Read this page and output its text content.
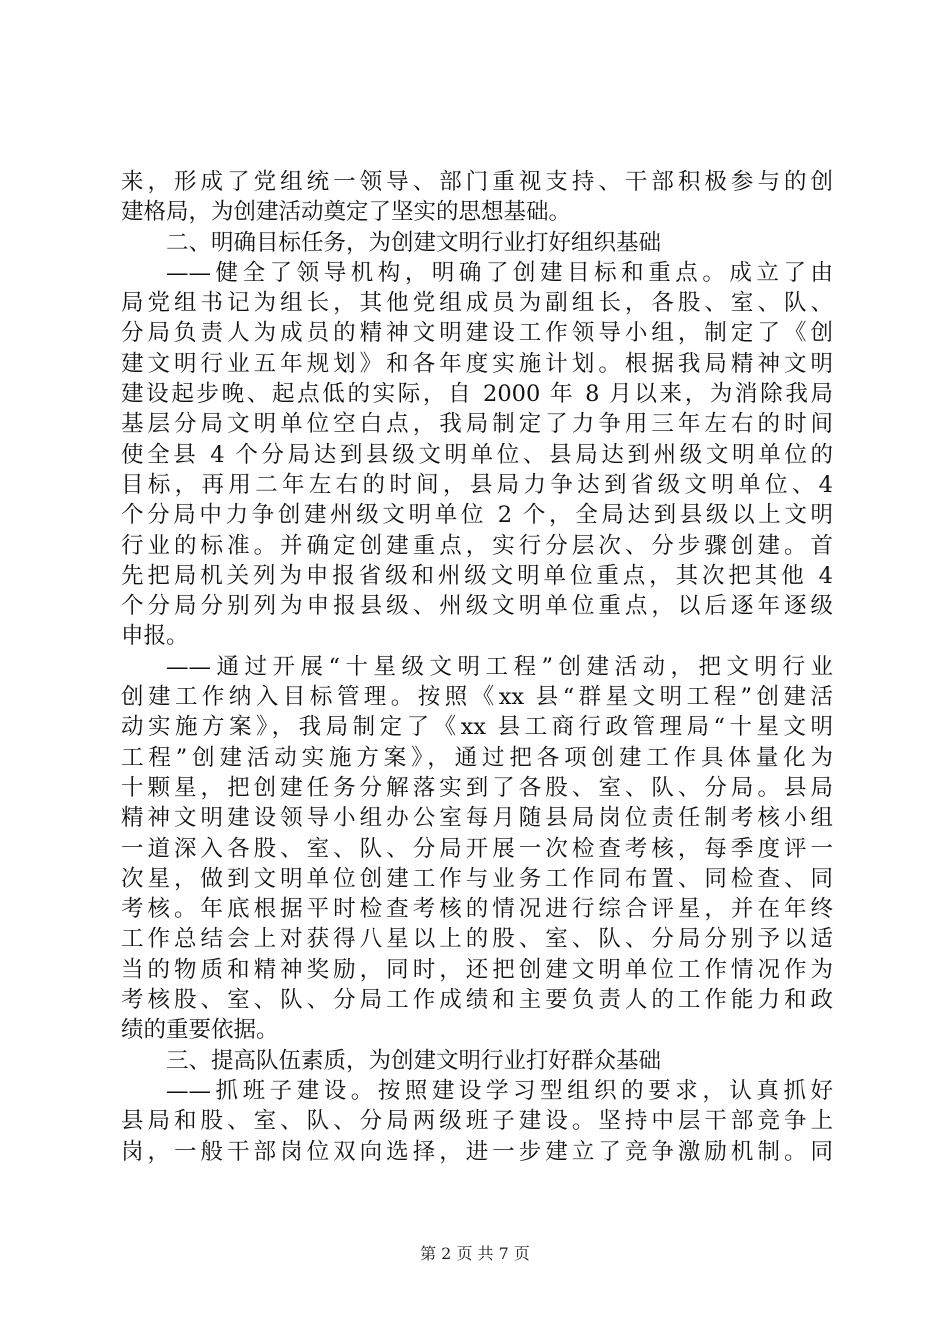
来，形成了党组统一领导、部门重视支持、干部积极参与的创
建格局，为创建活动奠定了坚实的思想基础。
二、明确目标任务，为创建文明行业打好组织基础
——健全了领导机构，明确了创建目标和重点。成立了由
局党组书记为组长，其他党组成员为副组长，各股、室、队、
分局负责人为成员的精神文明建设工作领导小组，制定了《创
建文明行业五年规划》和各年度实施计划。根据我局精神文明
建设起步晚、起点低的实际，自 2000 年 8 月以来，为消除我局
基层分局文明单位空白点，我局制定了力争用三年左右的时间
使全县 4 个分局达到县级文明单位、县局达到州级文明单位的
目标，再用二年左右的时间，县局力争达到省级文明单位、4
个分局中力争创建州级文明单位 2 个，全局达到县级以上文明
行业的标准。并确定创建重点，实行分层次、分步骤创建。首
先把局机关列为申报省级和州级文明单位重点，其次把其他 4
个分局分别列为申报县级、州级文明单位重点，以后逐年逐级
申报。
——通过开展“十星级文明工程”创建活动，把文明行业
创建工作纳入目标管理。按照《xx 县“群星文明工程”创建活
动实施方案》，我局制定了《xx 县工商行政管理局“十星文明
工程”创建活动实施方案》，通过把各项创建工作具体量化为
十颗星，把创建任务分解落实到了各股、室、队、分局。县局
精神文明建设领导小组办公室每月随县局岗位责任制考核小组
一道深入各股、室、队、分局开展一次检查考核，每季度评一
次星，做到文明单位创建工作与业务工作同布置、同检查、同
考核。年底根据平时检查考核的情况进行综合评星，并在年终
工作总结会上对获得八星以上的股、室、队、分局分别予以适
当的物质和精神奖励，同时，还把创建文明单位工作情况作为
考核股、室、队、分局工作成绩和主要负责人的工作能力和政
绩的重要依据。
三、提高队伍素质，为创建文明行业打好群众基础
——抓班子建设。按照建设学习型组织的要求，认真抓好
县局和股、室、队、分局两级班子建设。坚持中层干部竞争上
岗，一般干部岗位双向选择，进一步建立了竞争激励机制。同
第 2 页 共 7 页
